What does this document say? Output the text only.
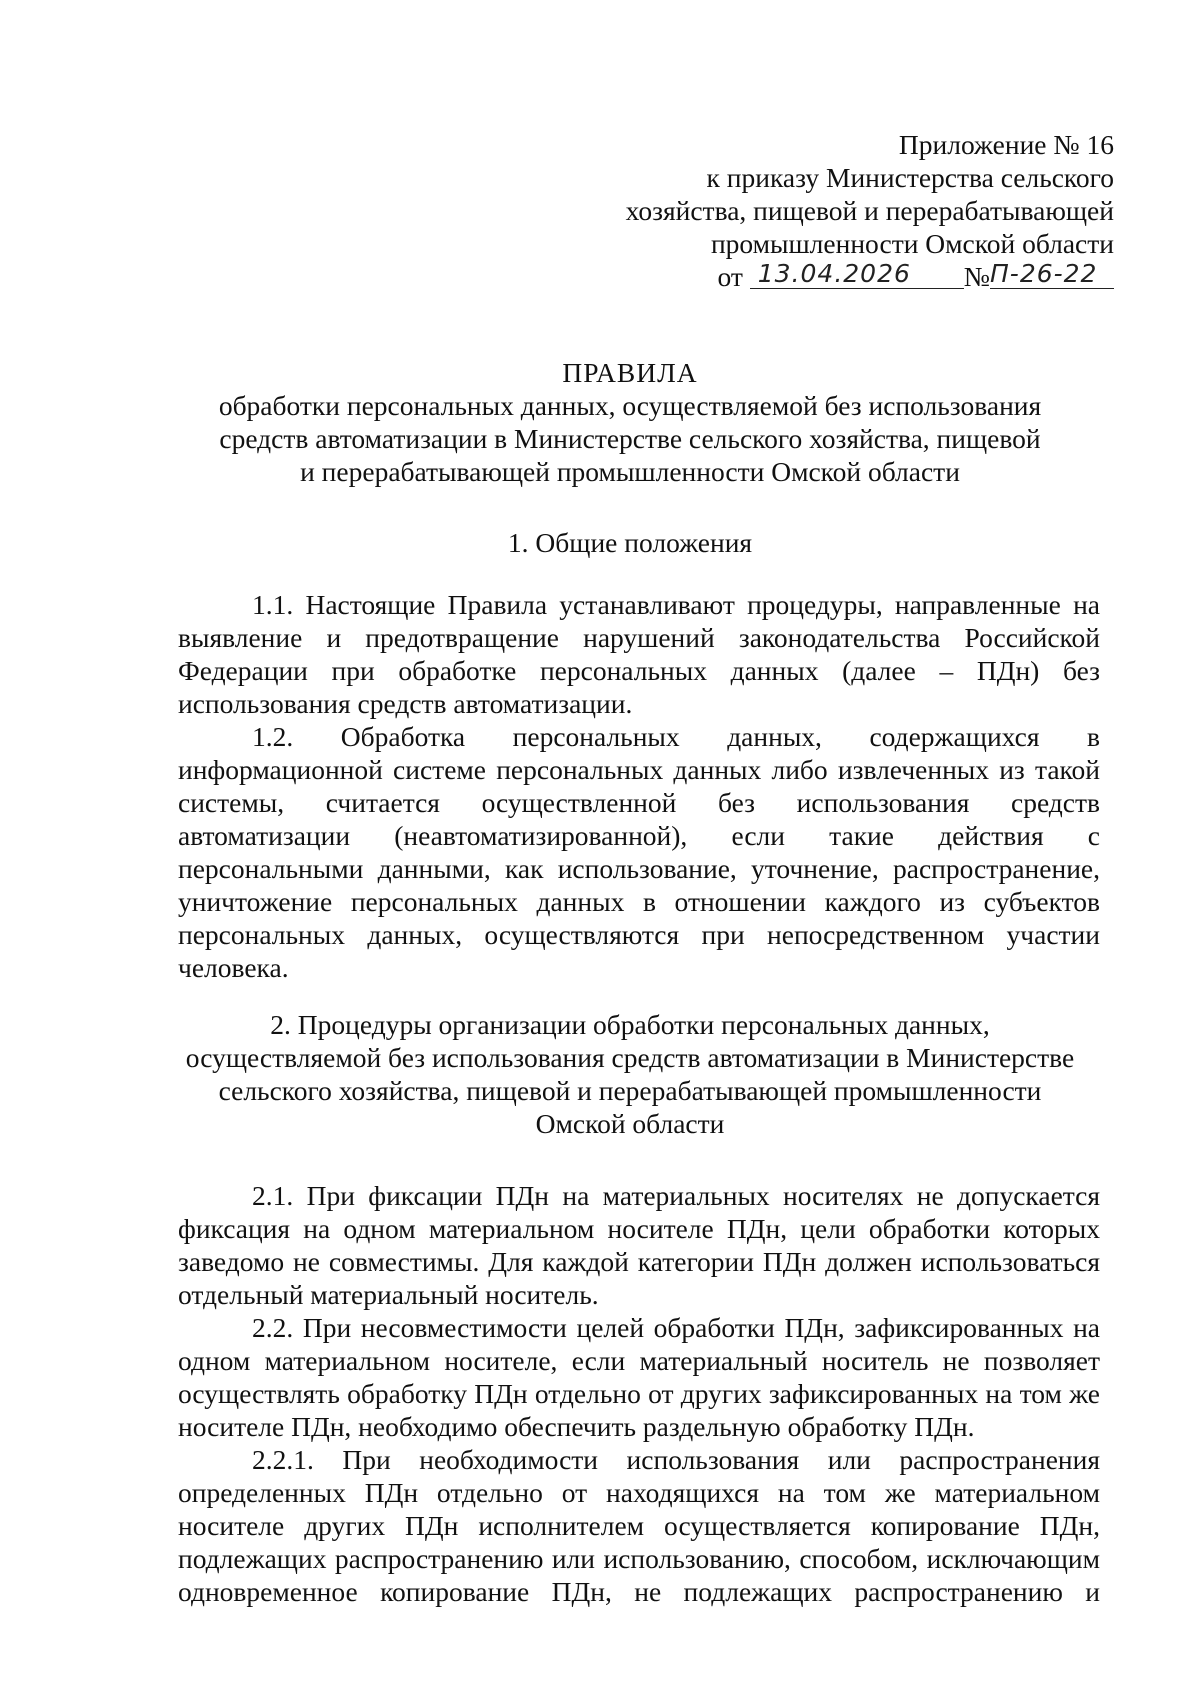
Приложение № 16
к приказу Министерства сельского
хозяйства, пищевой и перерабатывающей
промышленности Омской области
от 13.04.2026 №П-26-22
ПРАВИЛА
обработки персональных данных, осуществляемой без использования
средств автоматизации в Министерстве сельского хозяйства, пищевой
и перерабатывающей промышленности Омской области
1. Общие положения
1.1. Настоящие Правила устанавливают процедуры, направленные на
выявление и предотвращение нарушений законодательства Российской
Федерации при обработке персональных данных (далее – ПДн) без
использования средств автоматизации.
1.2. Обработка персональных данных, содержащихся в
информационной системе персональных данных либо извлеченных из такой
системы, считается осуществленной без использования средств
автоматизации (неавтоматизированной), если такие действия с
персональными данными, как использование, уточнение, распространение,
уничтожение персональных данных в отношении каждого из субъектов
персональных данных, осуществляются при непосредственном участии
человека.
2. Процедуры организации обработки персональных данных,
осуществляемой без использования средств автоматизации в Министерстве
сельского хозяйства, пищевой и перерабатывающей промышленности
Омской области
2.1. При фиксации ПДн на материальных носителях не допускается
фиксация на одном материальном носителе ПДн, цели обработки которых
заведомо не совместимы. Для каждой категории ПДн должен использоваться
отдельный материальный носитель.
2.2. При несовместимости целей обработки ПДн, зафиксированных на
одном материальном носителе, если материальный носитель не позволяет
осуществлять обработку ПДн отдельно от других зафиксированных на том же
носителе ПДн, необходимо обеспечить раздельную обработку ПДн.
2.2.1. При необходимости использования или распространения
определенных ПДн отдельно от находящихся на том же материальном
носителе других ПДн исполнителем осуществляется копирование ПДн,
подлежащих распространению или использованию, способом, исключающим
одновременное копирование ПДн, не подлежащих распространению и
